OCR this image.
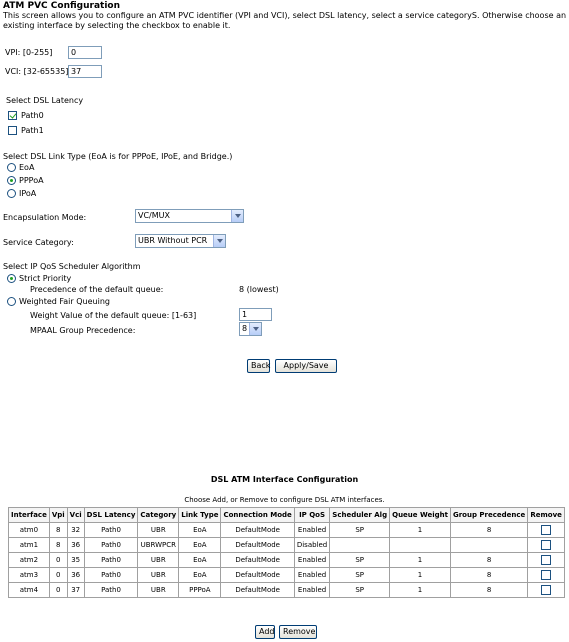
ATM PVC Configuration
This screen allows you to configure an ATM PVC identifier (VPI and VCI), select DSL latency, select a service categoryS. Otherwise choose an existing interface by selecting the checkbox to enable it.
VPI: [0-255]	0
VCI: [32-65535] 37
Select DSL Latency
Path0
Path1
Select DSL Link Type (EoA is for PPPoE, IPoE, and Bridge.)
EoA
PPPoA
IPoA
Encapsulation Mode:	VC/MUX
Service Category:	UBR Without PCR
Select IP QoS Scheduler Algorithm
Strict Priority
Precedence of the default queue:	8 (lowest)
Weighted Fair Queuing
Weight Value of the default queue: [1-63]	1
MPAAL Group Precedence:	8
Back	Apply/Save
DSL ATM Interface Configuration
Choose Add, or Remove to configure DSL ATM interfaces.
Interface	Vpi	Vci	DSL Latency	Category	Link Type	Connection Mode	IP QoS	Scheduler Alg	Queue Weight	Group Precedence	Remove
atm0	8	32	Path0	UBR	EoA	DefaultMode	Enabled	SP	1	8	
atm1	8	36	Path0	UBRWPCR	EoA	DefaultMode	Disabled				
atm2	0	35	Path0	UBR	EoA	DefaultMode	Enabled	SP	1	8	
atm3	0	36	Path0	UBR	EoA	DefaultMode	Enabled	SP	1	8	
atm4	0	37	Path0	UBR	PPPoA	DefaultMode	Enabled	SP	1	8	
Add	Remove
